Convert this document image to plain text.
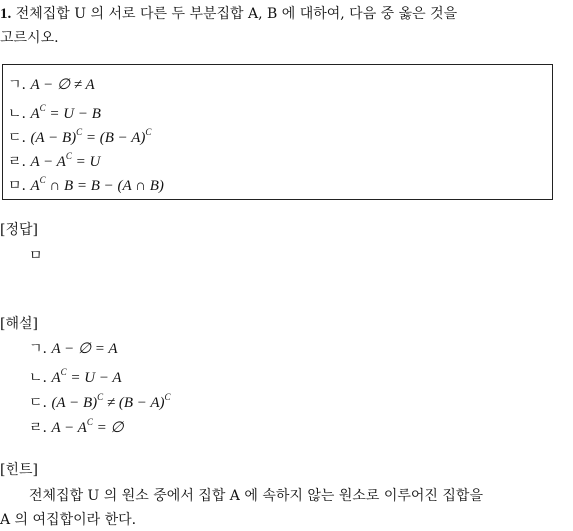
1. 전체집합 U 의 서로 다른 두 부분집합 A, B 에 대하여, 다음 중 옳은 것을
고르시오.
ㄱ. A − ∅ ≠ A
ㄴ. $A^C = U - B$
ㄷ. $(A - B)^C = (B - A)^C$
ㄹ. $A - A^C = U$
ㅁ. $A^C$ ∩ B = B − (A ∩ B)
[정답]
ㅁ
[해설]
ㄱ. A − ∅ = A
ㄴ. $A^C = U - A$
ㄷ. $(A - B)^C \ne (B - A)^C$
ㄹ. $A - A^C$ = ∅
[힌트]
전체집합 U 의 원소 중에서 집합 A 에 속하지 않는 원소로 이루어진 집합을
A 의 여집합이라 한다.
